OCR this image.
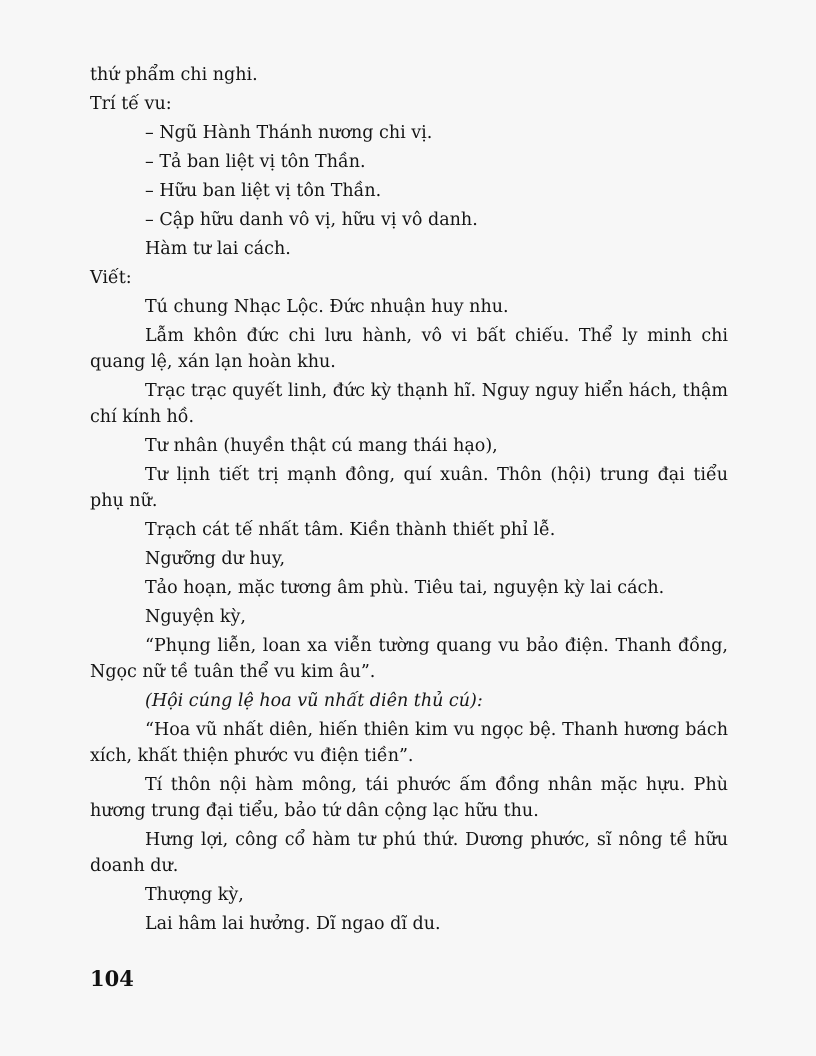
thứ phẩm chi nghi.

Trí tế vu:

– Ngũ Hành Thánh nương chi vị.

– Tả ban liệt vị tôn Thần.

– Hữu ban liệt vị tôn Thần.

– Cập hữu danh vô vị, hữu vị vô danh.

Hàm tư lai cách.

Viết:

Tú chung Nhạc Lộc. Đức nhuận huy nhu.

Lẫm khôn đức chi lưu hành, vô vi bất chiếu. Thể ly minh chi quang lệ, xán lạn hoàn khu.

Trạc trạc quyết linh, đức kỳ thạnh hĩ. Nguy nguy hiển hách, thậm chí kính hồ.

Tư nhân (huyền thật cú mang thái hạo),

Tư lịnh tiết trị mạnh đông, quí xuân. Thôn (hội) trung đại tiểu phụ nữ.

Trạch cát tế nhất tâm. Kiền thành thiết phỉ lễ.

Ngưỡng dư huy,

Tảo hoạn, mặc tương âm phù. Tiêu tai, nguyện kỳ lai cách.

Nguyện kỳ,

“Phụng liễn, loan xa viễn tường quang vu bảo điện. Thanh đồng, Ngọc nữ tề tuân thể vu kim âu”.

(Hội cúng lệ hoa vũ nhất diên thủ cú):

“Hoa vũ nhất diên, hiến thiên kim vu ngọc bệ. Thanh hương bách xích, khất thiện phước vu điện tiền”.

Tí thôn nội hàm mông, tái phước ấm đồng nhân mặc hựu. Phù hương trung đại tiểu, bảo tứ dân cộng lạc hữu thu.

Hưng lợi, công cổ hàm tư phú thứ. Dương phước, sĩ nông tề hữu doanh dư.

Thượng kỳ,

Lai hâm lai hưởng. Dĩ ngao dĩ du.

104
